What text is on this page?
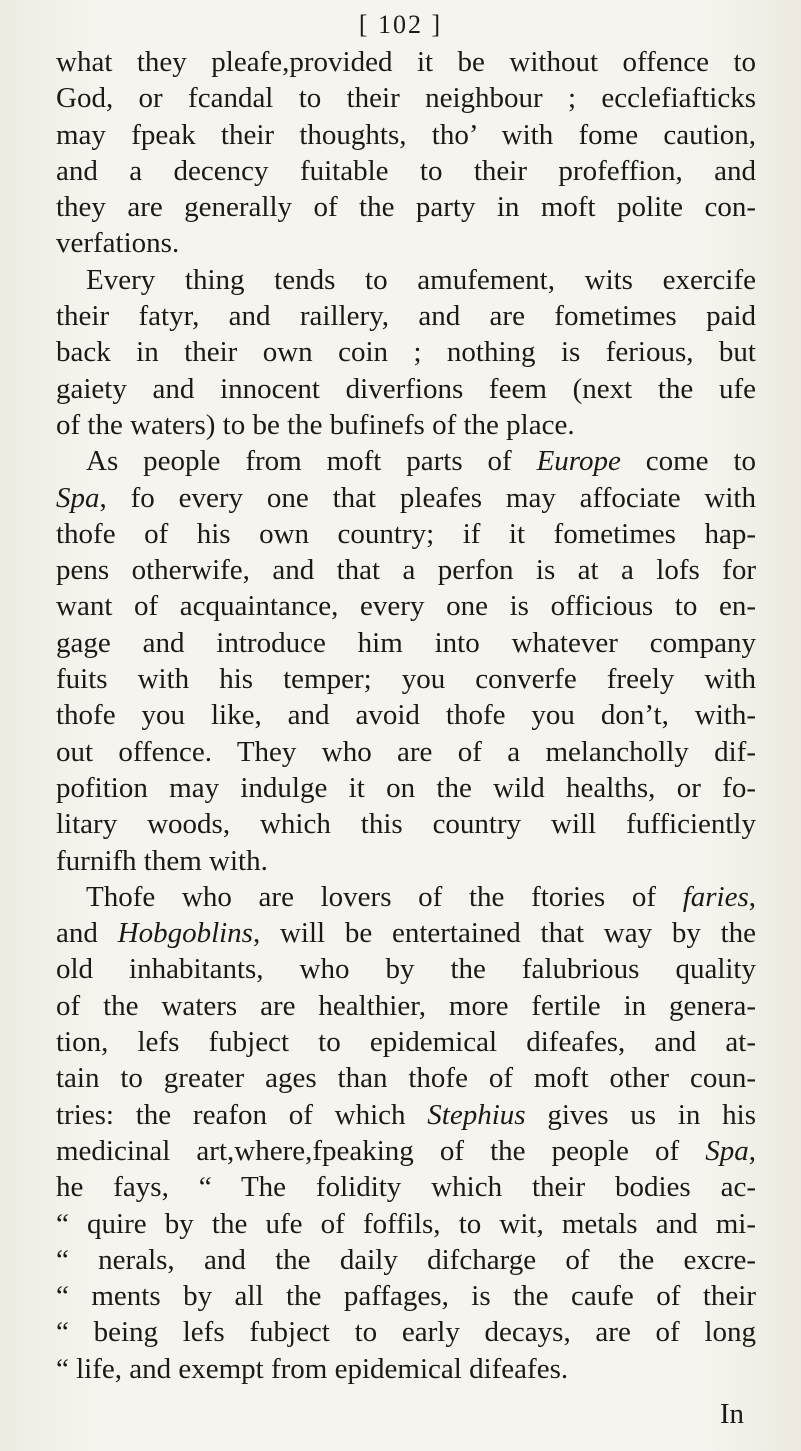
[ 102 ]
what they pleafe,provided it be without offence to
God, or fcandal to their neighbour ; ecclefiafticks
may fpeak their thoughts, tho’ with fome caution,
and a decency fuitable to their profeffion, and
they are generally of the party in moft polite con-
verfations.
Every thing tends to amufement, wits exercife
their fatyr, and raillery, and are fometimes paid
back in their own coin ; nothing is ferious, but
gaiety and innocent diverfions feem (next the ufe
of the waters) to be the bufinefs of the place.
As people from moft parts of Europe come to
Spa, fo every one that pleafes may affociate with
thofe of his own country; if it fometimes hap-
pens otherwife, and that a perfon is at a lofs for
want of acquaintance, every one is officious to en-
gage and introduce him into whatever company
fuits with his temper; you converfe freely with
thofe you like, and avoid thofe you don’t, with-
out offence. They who are of a melancholly dif-
pofition may indulge it on the wild healths, or fo-
litary woods, which this country will fufficiently
furnifh them with.
Thofe who are lovers of the ftories of faries,
and Hobgoblins, will be entertained that way by the
old inhabitants, who by the falubrious quality
of the waters are healthier, more fertile in genera-
tion, lefs fubject to epidemical difeafes, and at-
tain to greater ages than thofe of moft other coun-
tries: the reafon of which Stephius gives us in his
medicinal art,where,fpeaking of the people of Spa,
he fays, “ The folidity which their bodies ac-
“ quire by the ufe of foffils, to wit, metals and mi-
“ nerals, and the daily difcharge of the excre-
“ ments by all the paffages, is the caufe of their
“ being lefs fubject to early decays, are of long
“ life, and exempt from epidemical difeafes.
In
